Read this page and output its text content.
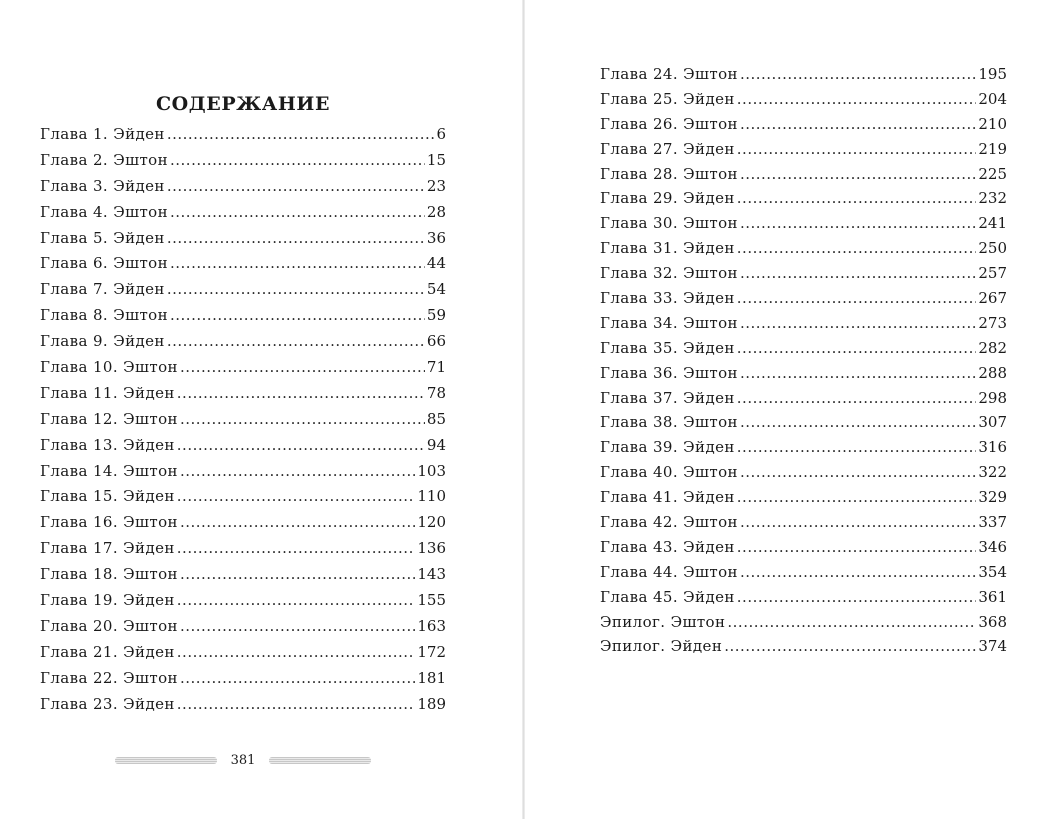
СОДЕРЖАНИЕ
Глава 1. Эйден .....	6
Глава 2. Эштон .....	15
Глава 3. Эйден .....	23
Глава 4. Эштон .....	28
Глава 5. Эйден .....	36
Глава 6. Эштон .....	44
Глава 7. Эйден .....	54
Глава 8. Эштон .....	59
Глава 9. Эйден .....	66
Глава 10. Эштон .....	71
Глава 11. Эйден .....	78
Глава 12. Эштон .....	85
Глава 13. Эйден .....	94
Глава 14. Эштон .....	103
Глава 15. Эйден .....	110
Глава 16. Эштон .....	120
Глава 17. Эйден .....	136
Глава 18. Эштон .....	143
Глава 19. Эйден .....	155
Глава 20. Эштон .....	163
Глава 21. Эйден .....	172
Глава 22. Эштон .....	181
Глава 23. Эйден .....	189
381
Глава 24. Эштон .....	195
Глава 25. Эйден .....	204
Глава 26. Эштон .....	210
Глава 27. Эйден .....	219
Глава 28. Эштон .....	225
Глава 29. Эйден .....	232
Глава 30. Эштон .....	241
Глава 31. Эйден .....	250
Глава 32. Эштон .....	257
Глава 33. Эйден .....	267
Глава 34. Эштон .....	273
Глава 35. Эйден .....	282
Глава 36. Эштон .....	288
Глава 37. Эйден .....	298
Глава 38. Эштон .....	307
Глава 39. Эйден .....	316
Глава 40. Эштон .....	322
Глава 41. Эйден .....	329
Глава 42. Эштон .....	337
Глава 43. Эйден .....	346
Глава 44. Эштон .....	354
Глава 45. Эйден .....	361
Эпилог. Эштон .....	368
Эпилог. Эйден .....	374
